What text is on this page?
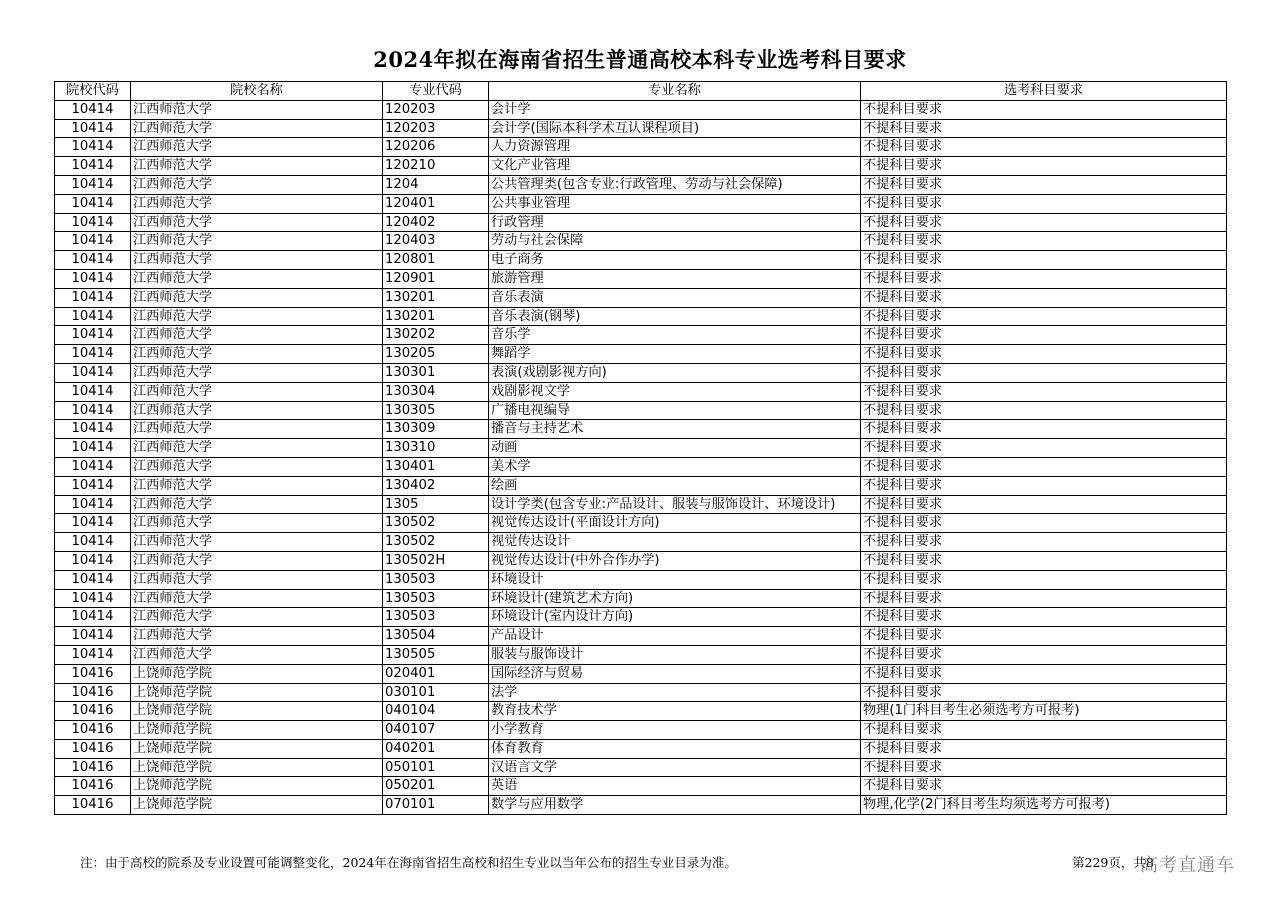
2024年拟在海南省招生普通高校本科专业选考科目要求
院校代码	院校名称	专业代码	专业名称	选考科目要求
10414	江西师范大学	120203	会计学	不提科目要求
10414	江西师范大学	120203	会计学(国际本科学术互认课程项目)	不提科目要求
10414	江西师范大学	120206	人力资源管理	不提科目要求
10414	江西师范大学	120210	文化产业管理	不提科目要求
10414	江西师范大学	1204	公共管理类(包含专业:行政管理、劳动与社会保障)	不提科目要求
10414	江西师范大学	120401	公共事业管理	不提科目要求
10414	江西师范大学	120402	行政管理	不提科目要求
10414	江西师范大学	120403	劳动与社会保障	不提科目要求
10414	江西师范大学	120801	电子商务	不提科目要求
10414	江西师范大学	120901	旅游管理	不提科目要求
10414	江西师范大学	130201	音乐表演	不提科目要求
10414	江西师范大学	130201	音乐表演(钢琴)	不提科目要求
10414	江西师范大学	130202	音乐学	不提科目要求
10414	江西师范大学	130205	舞蹈学	不提科目要求
10414	江西师范大学	130301	表演(戏剧影视方向)	不提科目要求
10414	江西师范大学	130304	戏剧影视文学	不提科目要求
10414	江西师范大学	130305	广播电视编导	不提科目要求
10414	江西师范大学	130309	播音与主持艺术	不提科目要求
10414	江西师范大学	130310	动画	不提科目要求
10414	江西师范大学	130401	美术学	不提科目要求
10414	江西师范大学	130402	绘画	不提科目要求
10414	江西师范大学	1305	设计学类(包含专业:产品设计、服装与服饰设计、环境设计)	不提科目要求
10414	江西师范大学	130502	视觉传达设计(平面设计方向)	不提科目要求
10414	江西师范大学	130502	视觉传达设计	不提科目要求
10414	江西师范大学	130502H	视觉传达设计(中外合作办学)	不提科目要求
10414	江西师范大学	130503	环境设计	不提科目要求
10414	江西师范大学	130503	环境设计(建筑艺术方向)	不提科目要求
10414	江西师范大学	130503	环境设计(室内设计方向)	不提科目要求
10414	江西师范大学	130504	产品设计	不提科目要求
10414	江西师范大学	130505	服装与服饰设计	不提科目要求
10416	上饶师范学院	020401	国际经济与贸易	不提科目要求
10416	上饶师范学院	030101	法学	不提科目要求
10416	上饶师范学院	040104	教育技术学	物理(1门科目考生必须选考方可报考)
10416	上饶师范学院	040107	小学教育	不提科目要求
10416	上饶师范学院	040201	体育教育	不提科目要求
10416	上饶师范学院	050101	汉语言文学	不提科目要求
10416	上饶师范学院	050201	英语	不提科目要求
10416	上饶师范学院	070101	数学与应用数学	物理,化学(2门科目考生均须选考方可报考)
注：由于高校的院系及专业设置可能调整变化，2024年在海南省招生高校和招生专业以当年公布的招生专业目录为准。	第229页，共8
高考直通车
